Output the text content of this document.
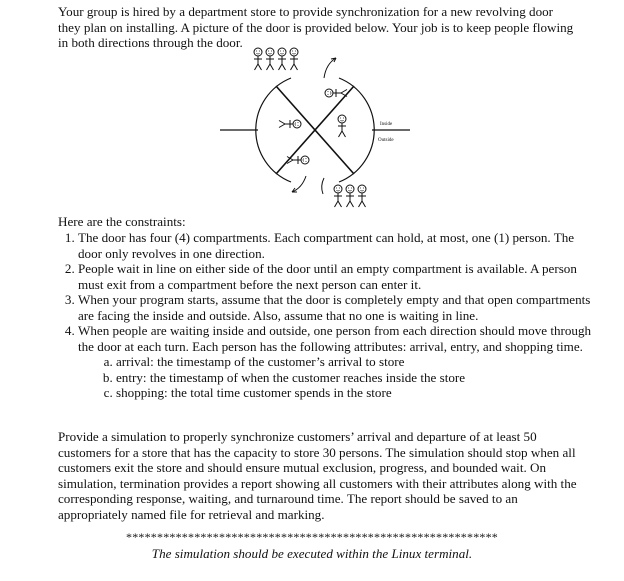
Your group is hired by a department store to provide synchronization for a new revolving door they plan on installing. A picture of the door is provided below. Your job is to keep people flowing in both directions through the door.

Inside
Outside

Here are the constraints:

1. The door has four (4) compartments. Each compartment can hold, at most, one (1) person. The door only revolves in one direction.
2. People wait in line on either side of the door until an empty compartment is available. A person must exit from a compartment before the next person can enter it.
3. When your program starts, assume that the door is completely empty and that open compartments are facing the inside and outside. Also, assume that no one is waiting in line.
4. When people are waiting inside and outside, one person from each direction should move through the door at each turn. Each person has the following attributes: arrival, entry, and shopping time.
a. arrival: the timestamp of the customer’s arrival to store
b. entry: the timestamp of when the customer reaches inside the store
c. shopping: the total time customer spends in the store

Provide a simulation to properly synchronize customers’ arrival and departure of at least 50 customers for a store that has the capacity to store 30 persons. The simulation should stop when all customers exit the store and should ensure mutual exclusion, progress, and bounded wait. On simulation, termination provides a report showing all customers with their attributes along with the corresponding response, waiting, and turnaround time. The report should be saved to an appropriately named file for retrieval and marking.

************************************************************
The simulation should be executed within the Linux terminal.
